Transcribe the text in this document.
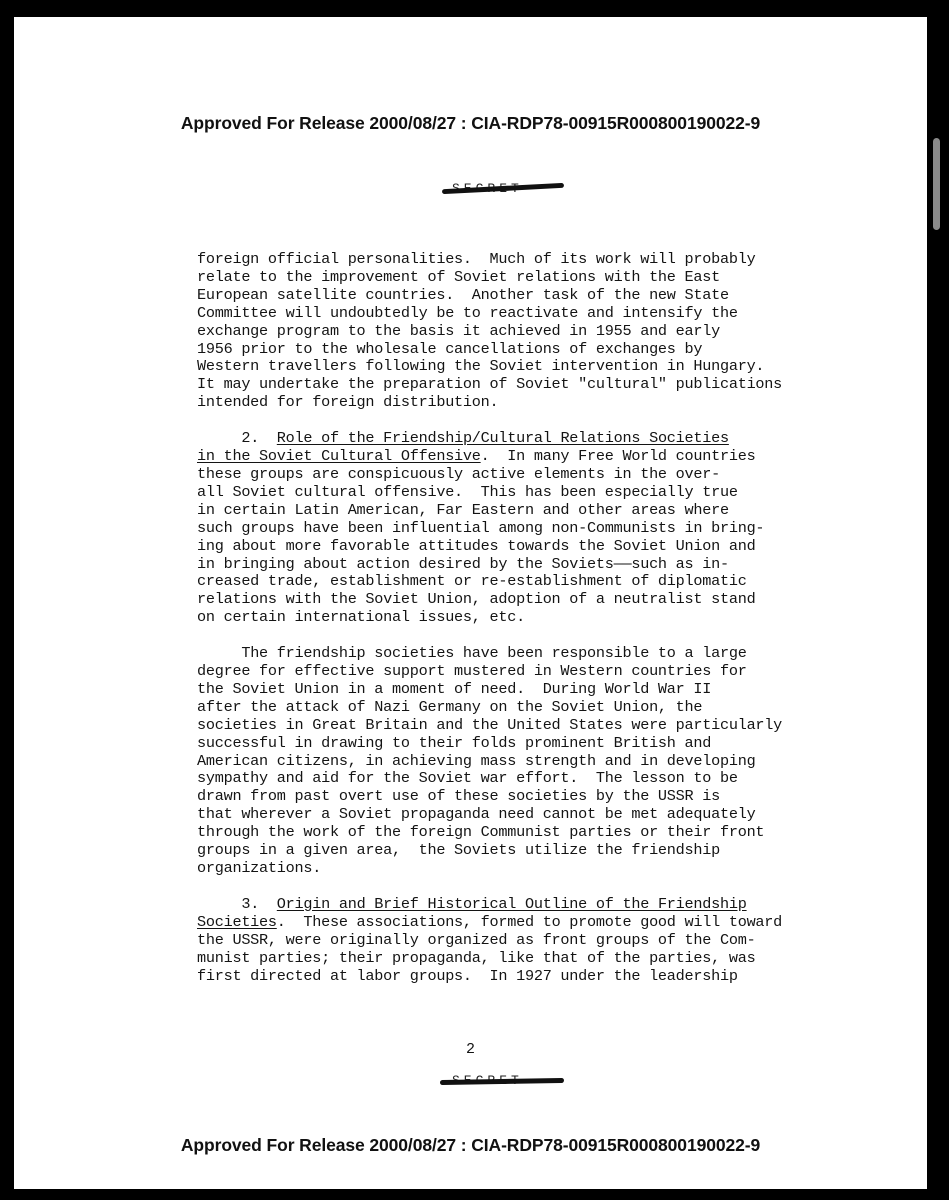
Approved For Release 2000/08/27 : CIA-RDP78-00915R000800190022-9

foreign official personalities.  Much of its work will probably
relate to the improvement of Soviet relations with the East
European satellite countries.  Another task of the new State
Committee will undoubtedly be to reactivate and intensify the
exchange program to the basis it achieved in 1955 and early
1956 prior to the wholesale cancellations of exchanges by
Western travellers following the Soviet intervention in Hungary.
It may undertake the preparation of Soviet "cultural" publications
intended for foreign distribution.

2.  Role of the Friendship/Cultural Relations Societies
in the Soviet Cultural Offensive.  In many Free World countries
these groups are conspicuously active elements in the over-
all Soviet cultural offensive.  This has been especially true
in certain Latin American, Far Eastern and other areas where
such groups have been influential among non-Communists in bring-
ing about more favorable attitudes towards the Soviet Union and
in bringing about action desired by the Soviets——such as in-
creased trade, establishment or re-establishment of diplomatic
relations with the Soviet Union, adoption of a neutralist stand
on certain international issues, etc.

The friendship societies have been responsible to a large
degree for effective support mustered in Western countries for
the Soviet Union in a moment of need.  During World War II
after the attack of Nazi Germany on the Soviet Union, the
societies in Great Britain and the United States were particularly
successful in drawing to their folds prominent British and
American citizens, in achieving mass strength and in developing
sympathy and aid for the Soviet war effort.  The lesson to be
drawn from past overt use of these societies by the USSR is
that wherever a Soviet propaganda need cannot be met adequately
through the work of the foreign Communist parties or their front
groups in a given area,  the Soviets utilize the friendship
organizations.

3.  Origin and Brief Historical Outline of the Friendship
Societies.  These associations, formed to promote good will toward
the USSR, were originally organized as front groups of the Com-
munist parties; their propaganda, like that of the parties, was
first directed at labor groups.  In 1927 under the leadership

2
Approved For Release 2000/08/27 : CIA-RDP78-00915R000800190022-9
